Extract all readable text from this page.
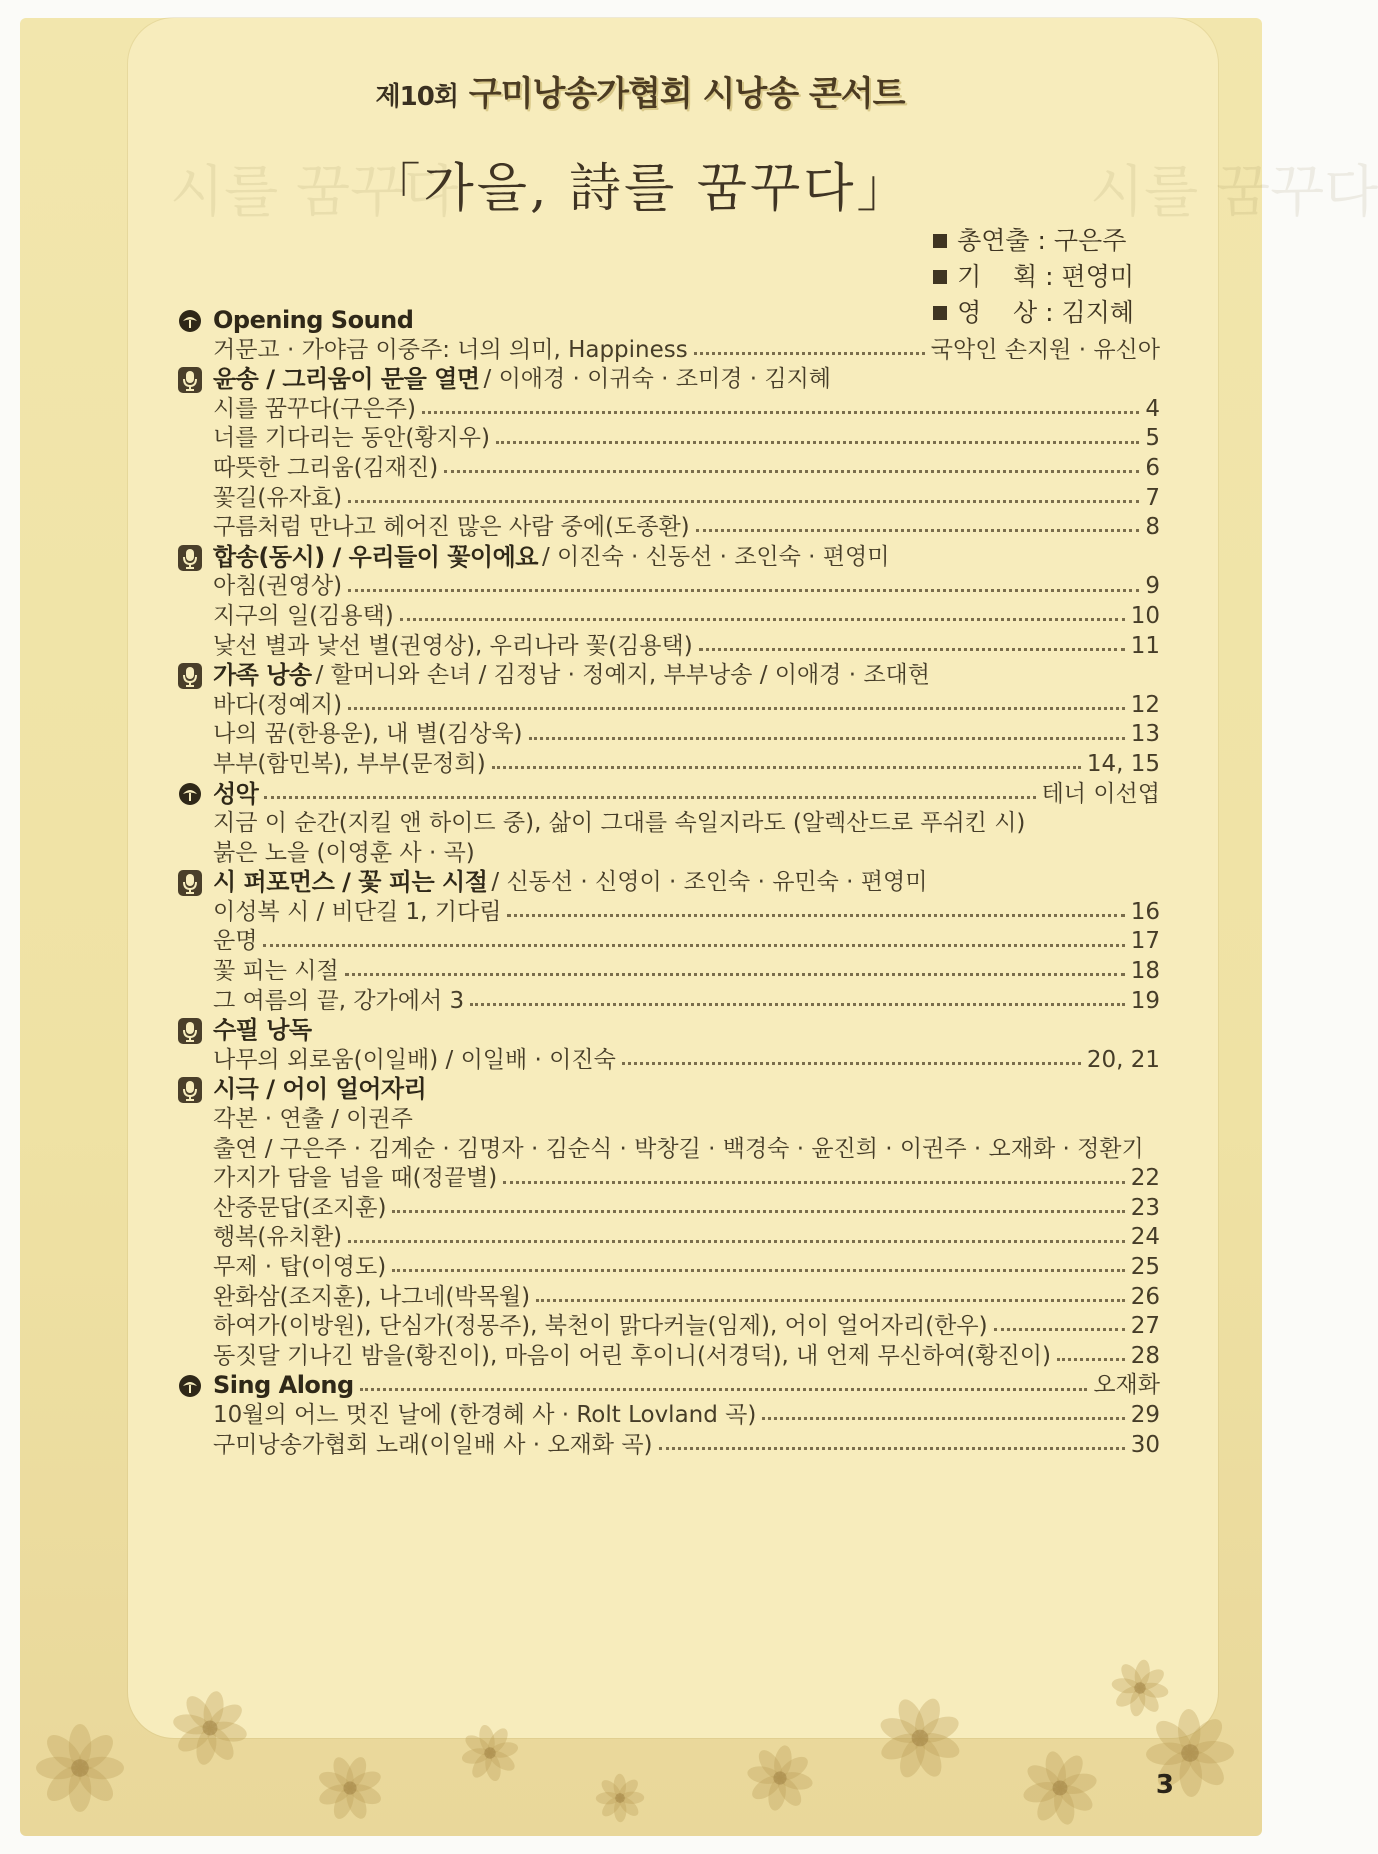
시를 꿈꾸다	시를 꿈꾸다
제10회 구미낭송가협회 시낭송 콘서트
「가을, 詩를 꿈꾸다」
총연출 : 구은주
기    획 : 편영미
영    상 : 김지혜
Opening Sound
거문고 · 가야금 이중주: 너의 의미, Happiness	국악인 손지원 · 유신아
윤송 / 그리움이 문을 열면 / 이애경 · 이귀숙 · 조미경 · 김지혜
시를 꿈꾸다(구은주)	4
너를 기다리는 동안(황지우)	5
따뜻한 그리움(김재진)	6
꽃길(유자효)	7
구름처럼 만나고 헤어진 많은 사람 중에(도종환)	8
합송(동시) / 우리들이 꽃이에요 / 이진숙 · 신동선 · 조인숙 · 편영미
아침(권영상)	9
지구의 일(김용택)	10
낯선 별과 낯선 별(권영상), 우리나라 꽃(김용택)	11
가족 낭송 / 할머니와 손녀 / 김정남 · 정예지, 부부낭송 / 이애경 · 조대현
바다(정예지)	12
나의 꿈(한용운), 내 별(김상욱)	13
부부(함민복), 부부(문정희)	14, 15
성악	테너 이선엽
지금 이 순간(지킬 앤 하이드 중), 삶이 그대를 속일지라도 (알렉산드로 푸쉬킨 시)
붉은 노을 (이영훈 사 · 곡)
시 퍼포먼스 / 꽃 피는 시절 / 신동선 · 신영이 · 조인숙 · 유민숙 · 편영미
이성복 시 / 비단길 1, 기다림	16
운명	17
꽃 피는 시절	18
그 여름의 끝, 강가에서 3	19
수필 낭독
나무의 외로움(이일배) / 이일배 · 이진숙	20, 21
시극 / 어이 얼어자리
각본 · 연출 / 이권주
출연 / 구은주 · 김계순 · 김명자 · 김순식 · 박창길 · 백경숙 · 윤진희 · 이권주 · 오재화 · 정환기
가지가 담을 넘을 때(정끝별)	22
산중문답(조지훈)	23
행복(유치환)	24
무제 · 탑(이영도)	25
완화삼(조지훈), 나그네(박목월)	26
하여가(이방원), 단심가(정몽주), 북천이 맑다커늘(임제), 어이 얼어자리(한우)	27
동짓달 기나긴 밤을(황진이), 마음이 어린 후이니(서경덕), 내 언제 무신하여(황진이)	28
Sing Along	오재화
10월의 어느 멋진 날에 (한경혜 사 · Rolt Lovland 곡)	29
구미낭송가협회 노래(이일배 사 · 오재화 곡)	30
3
